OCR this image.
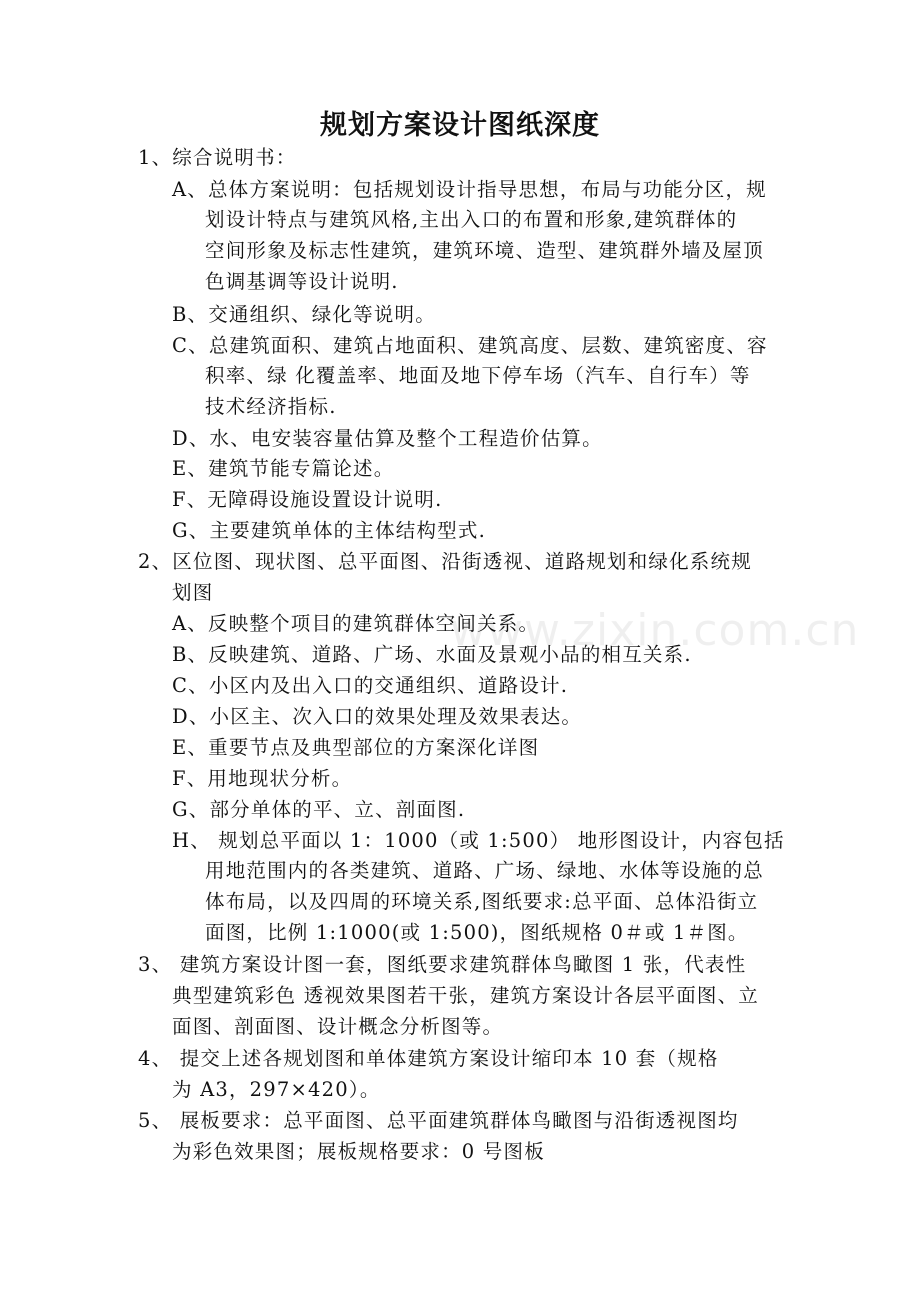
规划方案设计图纸深度
1、综合说明书：
A、总体方案说明：包括规划设计指导思想，布局与功能分区，规
划设计特点与建筑风格,主出入口的布置和形象,建筑群体的
空间形象及标志性建筑，建筑环境、造型、建筑群外墙及屋顶
色调基调等设计说明.
B、交通组织、绿化等说明。
C、总建筑面积、建筑占地面积、建筑高度、层数、建筑密度、容
积率、绿 化覆盖率、地面及地下停车场（汽车、自行车）等
技术经济指标.
D、水、电安装容量估算及整个工程造价估算。
E、建筑节能专篇论述。
F、无障碍设施设置设计说明.
G、主要建筑单体的主体结构型式.
2、区位图、现状图、总平面图、沿街透视、道路规划和绿化系统规
划图
A、反映整个项目的建筑群体空间关系。
B、反映建筑、道路、广场、水面及景观小品的相互关系.
C、小区内及出入口的交通组织、道路设计.
D、小区主、次入口的效果处理及效果表达。
E、重要节点及典型部位的方案深化详图
F、用地现状分析。
G、部分单体的平、立、剖面图.
H、 规划总平面以 1：1000（或 1:500） 地形图设计，内容包括
用地范围内的各类建筑、道路、广场、绿地、水体等设施的总
体布局，以及四周的环境关系,图纸要求:总平面、总体沿街立
面图，比例 1:1000(或 1:500)，图纸规格 0＃或 1＃图。
3、 建筑方案设计图一套，图纸要求建筑群体鸟瞰图 1 张，代表性
典型建筑彩色 透视效果图若干张，建筑方案设计各层平面图、立
面图、剖面图、设计概念分析图等。
4、 提交上述各规划图和单体建筑方案设计缩印本 10 套（规格
为 A3，297×420）。
5、 展板要求：总平面图、总平面建筑群体鸟瞰图与沿街透视图均
为彩色效果图；展板规格要求：0 号图板
www.zixin.com.cn
